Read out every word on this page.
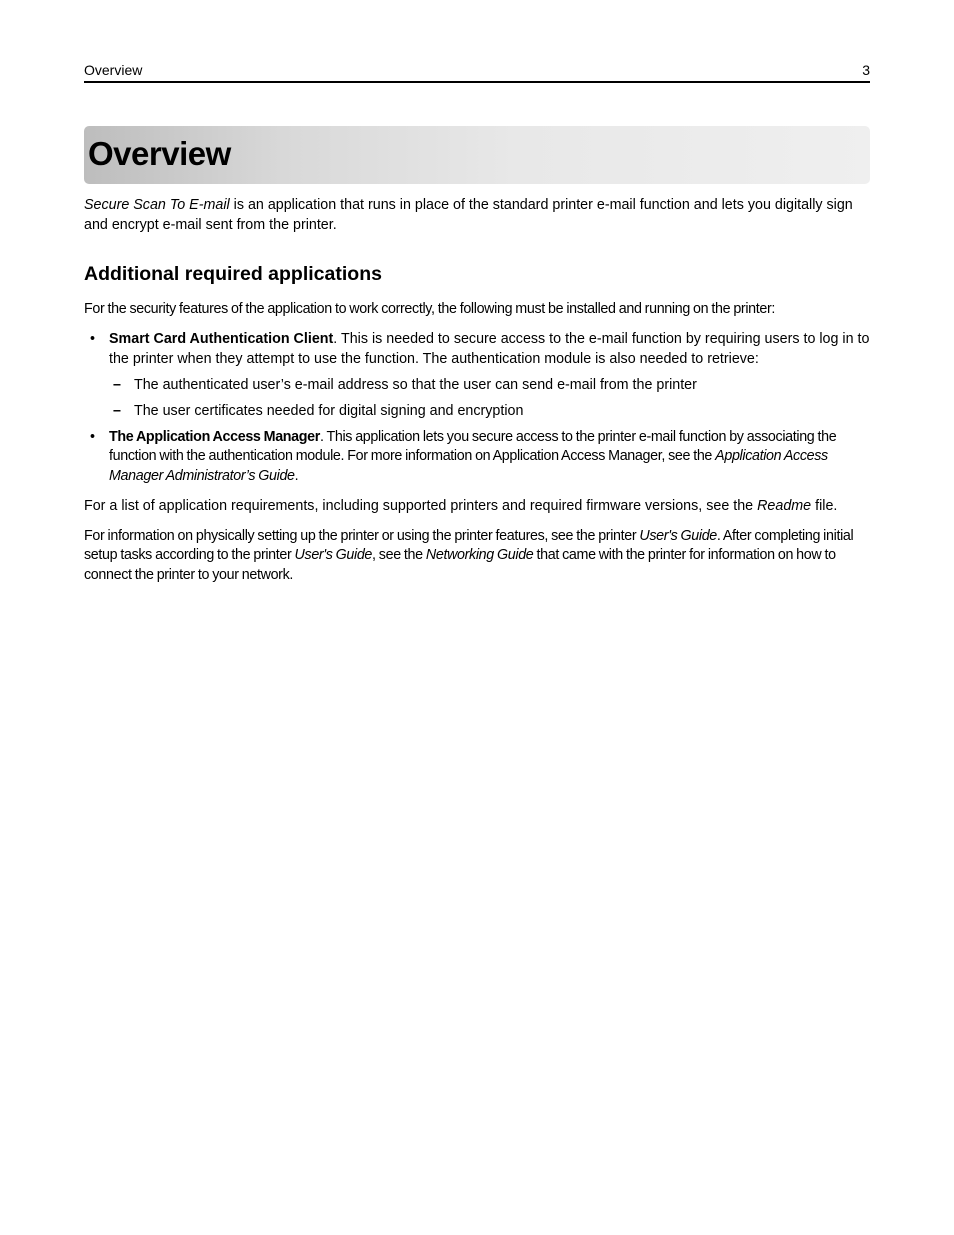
Overview	3
Overview

Secure Scan To E-mail is an application that runs in place of the standard printer e-mail function and lets you digitally sign and encrypt e-mail sent from the printer.

Additional required applications

For the security features of the application to work correctly, the following must be installed and running on the printer:

• Smart Card Authentication Client. This is needed to secure access to the e-mail function by requiring users to log in to the printer when they attempt to use the function. The authentication module is also needed to retrieve:
– The authenticated user’s e-mail address so that the user can send e-mail from the printer
– The user certificates needed for digital signing and encryption
• The Application Access Manager. This application lets you secure access to the printer e-mail function by associating the function with the authentication module. For more information on Application Access Manager, see the Application Access Manager Administrator’s Guide.

For a list of application requirements, including supported printers and required firmware versions, see the Readme file.

For information on physically setting up the printer or using the printer features, see the printer User's Guide. After completing initial setup tasks according to the printer User's Guide, see the Networking Guide that came with the printer for information on how to connect the printer to your network.
